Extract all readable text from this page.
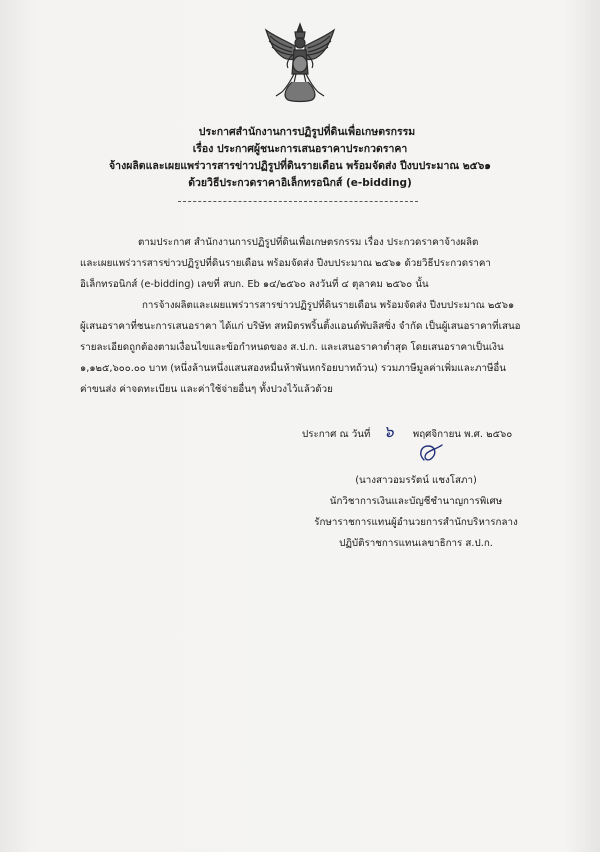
ประกาศสำนักงานการปฏิรูปที่ดินเพื่อเกษตรกรรม
เรื่อง ประกาศผู้ชนะการเสนอราคาประกวดราคา
จ้างผลิตและเผยแพร่วารสารข่าวปฏิรูปที่ดินรายเดือน พร้อมจัดส่ง ปีงบประมาณ ๒๕๖๑
ด้วยวิธีประกวดราคาอิเล็กทรอนิกส์ (e-bidding)
ตามประกาศ สำนักงานการปฏิรูปที่ดินเพื่อเกษตรกรรม เรื่อง ประกวดราคาจ้างผลิต
และเผยแพร่วารสารข่าวปฏิรูปที่ดินรายเดือน พร้อมจัดส่ง ปีงบประมาณ ๒๕๖๑ ด้วยวิธีประกวดราคา
อิเล็กทรอนิกส์ (e-bidding) เลขที่ สบก. Eb ๑๔/๒๕๖๐ ลงวันที่ ๔ ตุลาคม ๒๕๖๐ นั้น
การจ้างผลิตและเผยแพร่วารสารข่าวปฏิรูปที่ดินรายเดือน พร้อมจัดส่ง ปีงบประมาณ ๒๕๖๑
ผู้เสนอราคาที่ชนะการเสนอราคา ได้แก่ บริษัท สหมิตรพริ้นติ้งแอนด์พับลิสซิ่ง จำกัด เป็นผู้เสนอราคาที่เสนอ
รายละเอียดถูกต้องตามเงื่อนไขและข้อกำหนดของ ส.ป.ก. และเสนอราคาต่ำสุด โดยเสนอราคาเป็นเงิน
๑,๑๒๕,๖๐๐.๐๐ บาท (หนึ่งล้านหนึ่งแสนสองหมื่นห้าพันหกร้อยบาทถ้วน) รวมภาษีมูลค่าเพิ่มและภาษีอื่น
ค่าขนส่ง ค่าจดทะเบียน และค่าใช้จ่ายอื่นๆ ทั้งปวงไว้แล้วด้วย
ประกาศ ณ วันที่ ๖ พฤศจิกายน พ.ศ. ๒๕๖๐
(นางสาวอมรรัตน์ แชงโสภา)
นักวิชาการเงินและบัญชีชำนาญการพิเศษ
รักษาราชการแทนผู้อำนวยการสำนักบริหารกลาง
ปฏิบัติราชการแทนเลขาธิการ ส.ป.ก.
